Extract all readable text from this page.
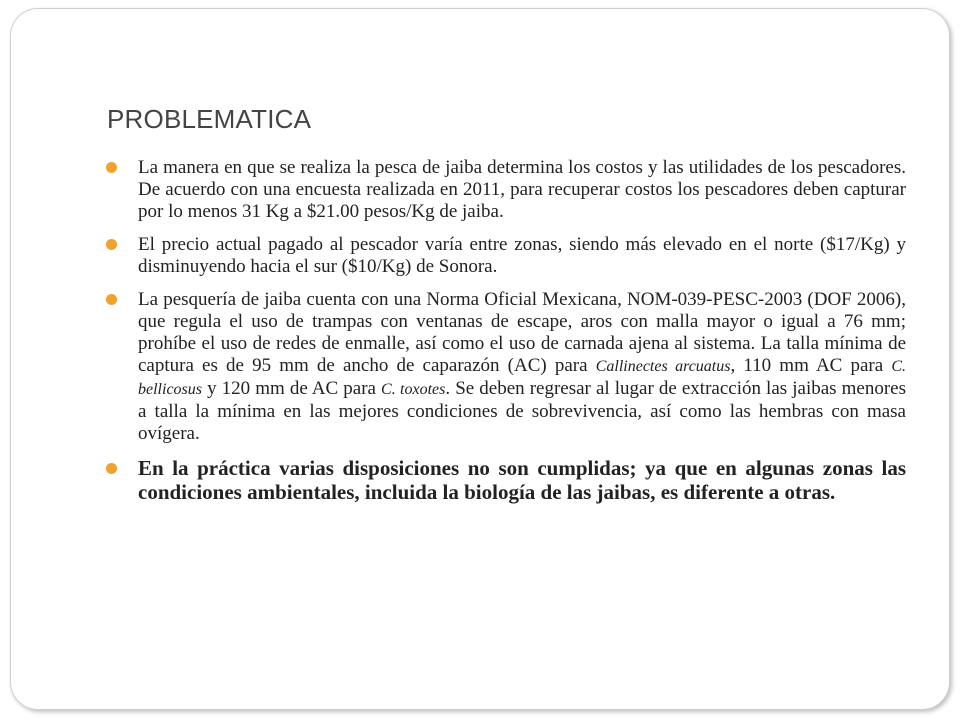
PROBLEMATICA
La manera en que se realiza la pesca de jaiba determina los costos y las utilidades de los pescadores. De acuerdo con una encuesta realizada en 2011, para recuperar costos los pescadores deben capturar por lo menos 31 Kg a $21.00 pesos/Kg de jaiba.
El precio actual pagado al pescador varía entre zonas, siendo más elevado en el norte ($17/Kg) y disminuyendo hacia el sur ($10/Kg) de Sonora.
La pesquería de jaiba cuenta con una Norma Oficial Mexicana, NOM-039-PESC-2003 (DOF 2006), que regula el uso de trampas con ventanas de escape, aros con malla mayor o igual a 76 mm; prohíbe el uso de redes de enmalle, así como el uso de carnada ajena al sistema. La talla mínima de captura es de 95 mm de ancho de caparazón (AC) para Callinectes arcuatus, 110 mm AC para C. bellicosus y 120 mm de AC para C. toxotes. Se deben regresar al lugar de extracción las jaibas menores a talla la mínima en las mejores condiciones de sobrevivencia, así como las hembras con masa ovígera.
En la práctica varias disposiciones no son cumplidas; ya que en algunas zonas las condiciones ambientales, incluida la biología de las jaibas, es diferente a otras.
